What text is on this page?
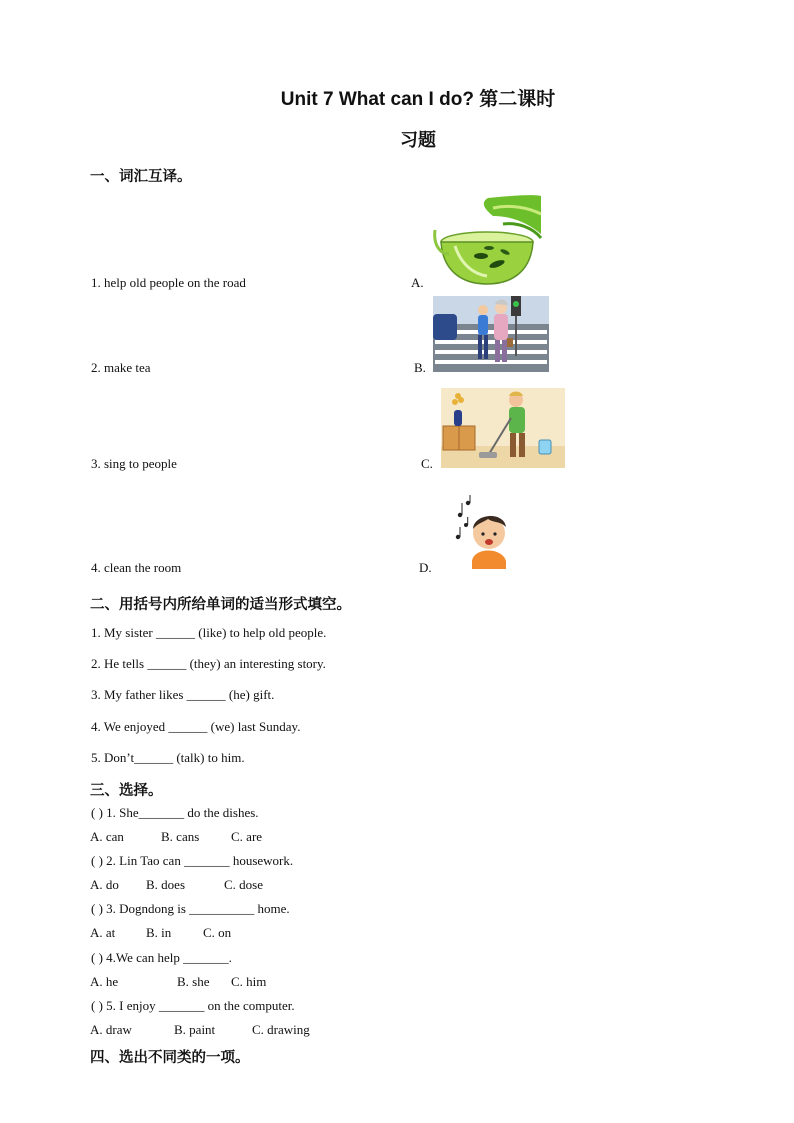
Unit 7 What can I do? 第二课时
习题
一、词汇互译。
1. help old people on the road	A.
2. make tea	B.
3. sing to people	C.
4. clean the room	D.
二、用括号内所给单词的适当形式填空。
1. My sister ______ (like) to help old people.
2. He tells ______ (they) an interesting story.
3. My father likes ______ (he) gift.
4. We enjoyed ______ (we) last Sunday.
5. Don’t______ (talk) to him.
三、选择。
( ) 1. She_______ do the dishes.
A. can	B. cans C. are
( ) 2. Lin Tao can _______ housework.
A. do B. does	C. dose
( ) 3. Dogndong is __________ home.
A. at B. in C. on
( ) 4.We can help _______.
A. he	B. she C. him
( ) 5. I enjoy _______ on the computer.
A. draw	B. paint	C. drawing
四、选出不同类的一项。
